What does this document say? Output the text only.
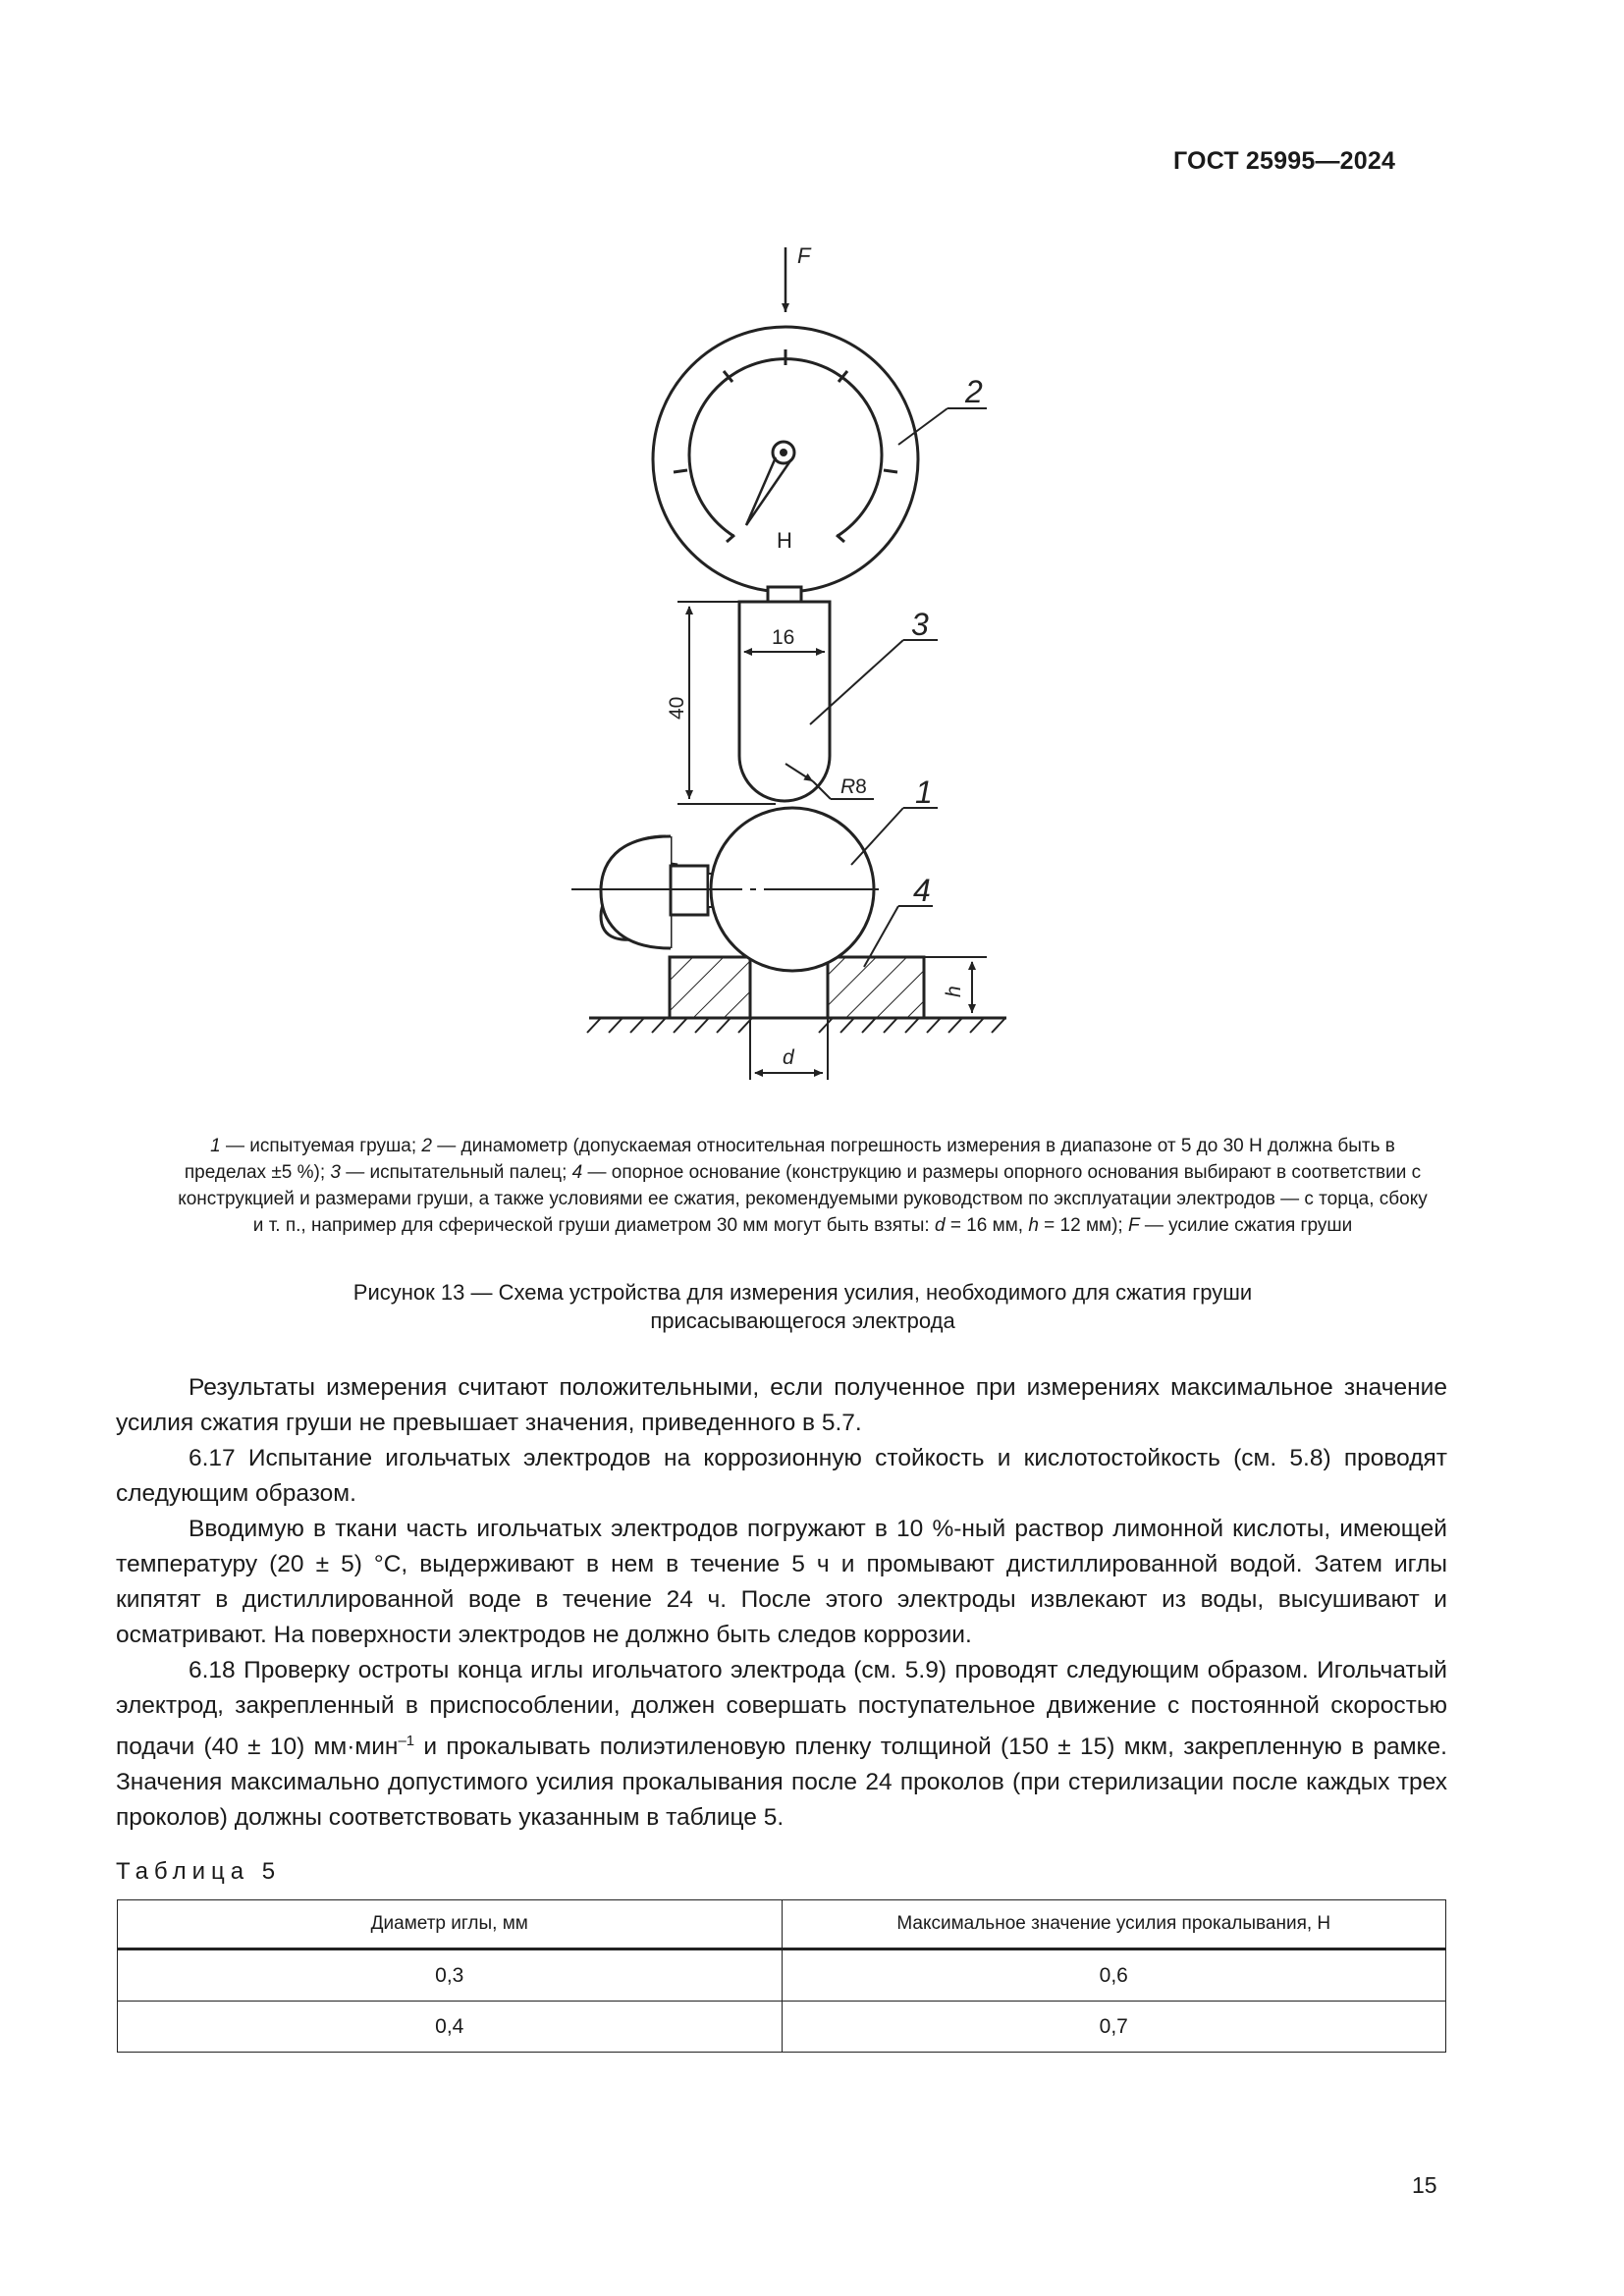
ГОСТ 25995—2024
F
Н
40
16
R8
2
3
h
d
1
4
1 — испытуемая груша; 2 — динамометр (допускаемая относительная погрешность измерения в диапазоне от 5 до 30 Н должна быть в пределах ±5 %); 3 — испытательный палец; 4 — опорное основание (конструкцию и размеры опорного основания выбирают в соответствии с конструкцией и размерами груши, а также условиями ее сжатия, рекомендуемыми руководством по эксплуатации электродов — с торца, сбоку и т. п., например для сферической груши диаметром 30 мм могут быть взяты: d = 16 мм, h = 12 мм); F — усилие сжатия груши
Рисунок 13 — Схема устройства для измерения усилия, необходимого для сжатия груши
присасывающегося электрода

Результаты измерения считают положительными, если полученное при измерениях максимальное значение усилия сжатия груши не превышает значения, приведенного в 5.7.

6.17 Испытание игольчатых электродов на коррозионную стойкость и кислотостойкость (см. 5.8) проводят следующим образом.

Вводимую в ткани часть игольчатых электродов погружают в 10 %-ный раствор лимонной кислоты, имеющей температуру (20 ± 5) °С, выдерживают в нем в течение 5 ч и промывают дистиллированной водой. Затем иглы кипятят в дистиллированной воде в течение 24 ч. После этого электроды извлекают из воды, высушивают и осматривают. На поверхности электродов не должно быть следов коррозии.

6.18 Проверку остроты конца иглы игольчатого электрода (см. 5.9) проводят следующим образом. Игольчатый электрод, закрепленный в приспособлении, должен совершать поступательное движение с постоянной скоростью подачи (40 ± 10) мм·мин$^{-1}$ и прокалывать полиэтиленовую пленку толщиной (150 ± 15) мкм, закрепленную в рамке. Значения максимально допустимого усилия прокалывания после 24 проколов (при стерилизации после каждых трех проколов) должны соответствовать указанным в таблице 5.

Таблица 5
Диаметр иглы, мм	Максимальное значение усилия прокалывания, Н
0,3	0,6
0,4	0,7
15
